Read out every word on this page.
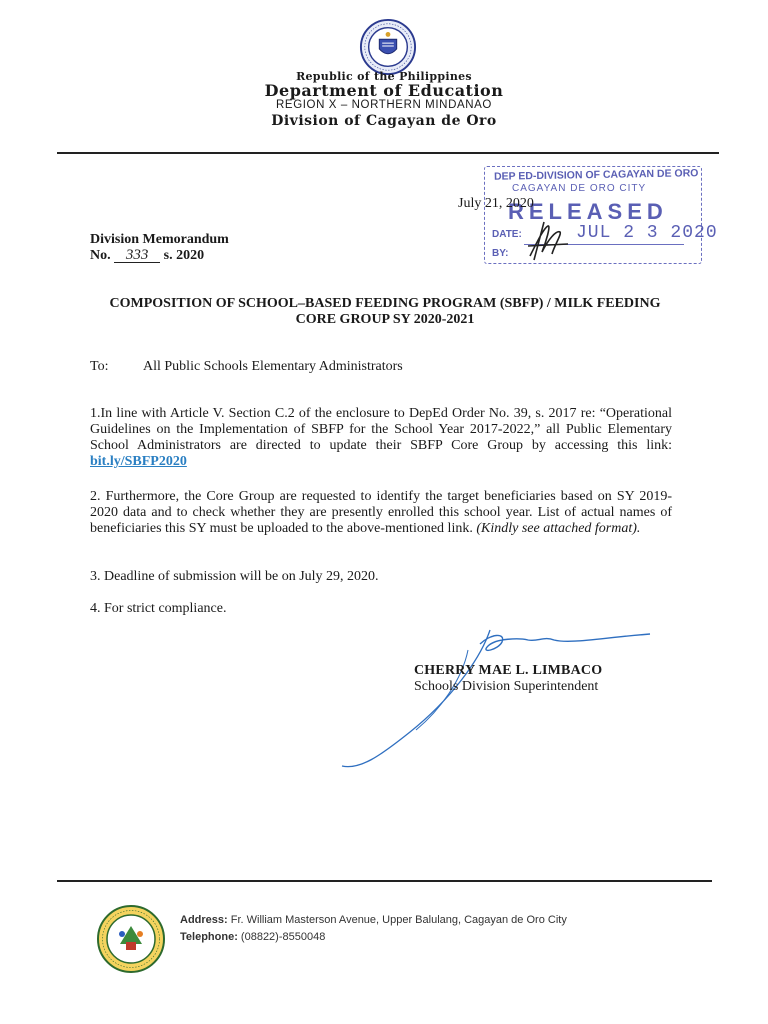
Republic of the Philippines
Department of Education
REGION X – NORTHERN MINDANAO
Division of Cagayan de Oro
DEP ED-DIVISION OF CAGAYAN DE ORO
CAGAYAN DE ORO CITY
RELEASED
DATE:	JUL 2 3 2020
BY:
July 21, 2020
Division Memorandum
No. 333 s. 2020
COMPOSITION OF SCHOOL–BASED FEEDING PROGRAM (SBFP) / MILK FEEDING CORE GROUP SY 2020-2021
To: All Public Schools Elementary Administrators
1.In line with Article V. Section C.2 of the enclosure to DepEd Order No. 39, s. 2017 re: “Operational Guidelines on the Implementation of SBFP for the School Year 2017-2022,” all Public Elementary School Administrators are directed to update their SBFP Core Group by accessing this link: bit.ly/SBFP2020
2. Furthermore, the Core Group are requested to identify the target beneficiaries based on SY 2019-2020 data and to check whether they are presently enrolled this school year. List of actual names of beneficiaries this SY must be uploaded to the above-mentioned link. (Kindly see attached format).
3. Deadline of submission will be on July 29, 2020.
4. For strict compliance.
CHERRY MAE L. LIMBACO
Schools Division Superintendent
Address: Fr. William Masterson Avenue, Upper Balulang, Cagayan de Oro City
Telephone: (08822)-8550048
